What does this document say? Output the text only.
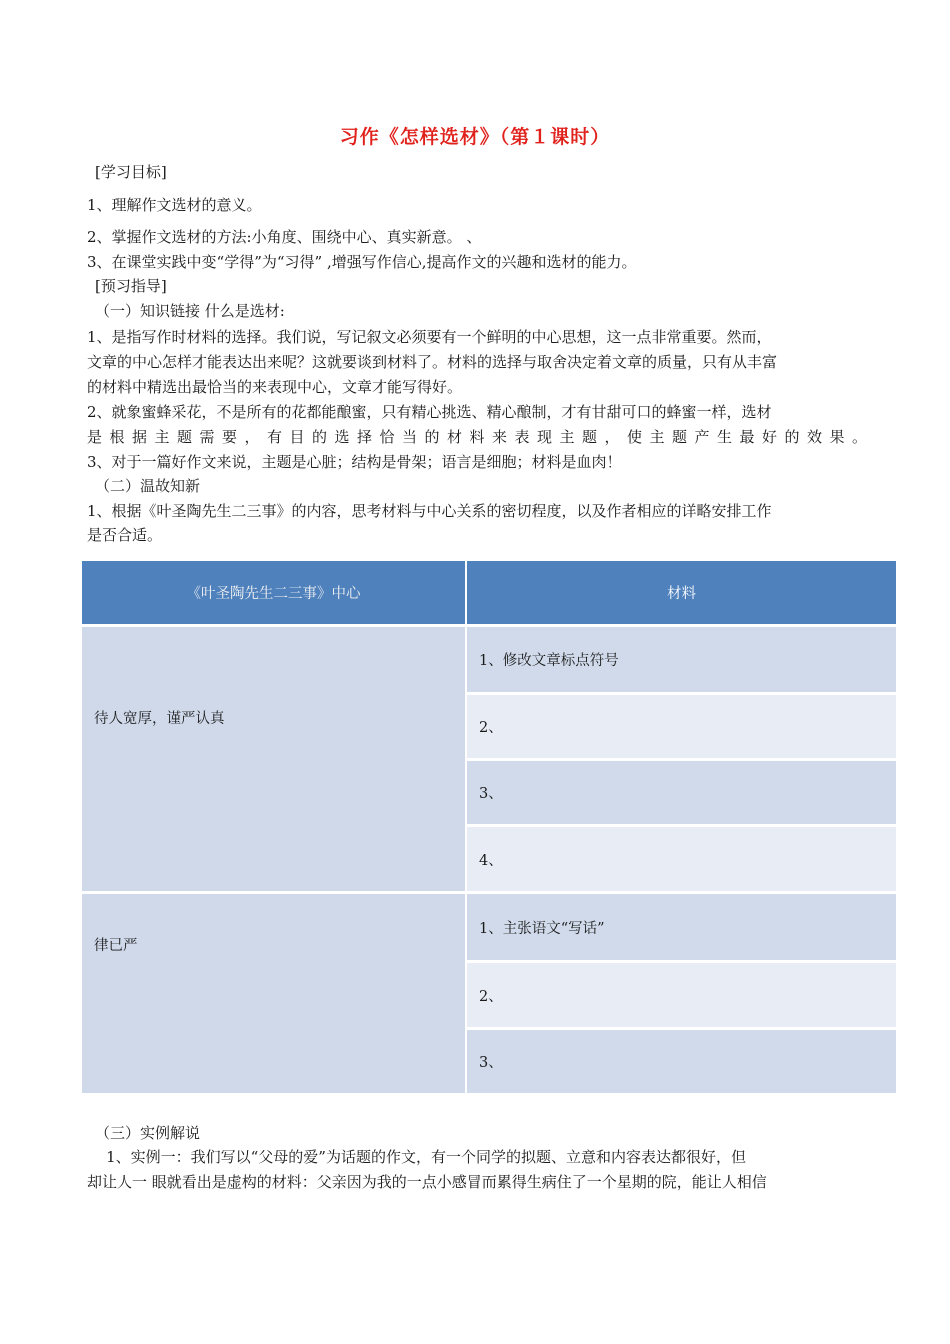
习作《怎样选材》（第１课时）
[学习目标]
1、理解作文选材的意义。
2、掌握作文选材的方法:小角度、围绕中心、真实新意。 、
3、在课堂实践中变“学得”为“习得” ,增强写作信心,提高作文的兴趣和选材的能力。
[预习指导]
（一）知识链接 什么是选材:
1、是指写作时材料的选择。我们说，写记叙文必须要有一个鲜明的中心思想，这一点非常重要。然而，
文章的中心怎样才能表达出来呢？这就要谈到材料了。材料的选择与取舍决定着文章的质量，只有从丰富
的材料中精选出最恰当的来表现中心，文章才能写得好。
2、就象蜜蜂采花，不是所有的花都能酿蜜，只有精心挑选、精心酿制，才有甘甜可口的蜂蜜一样，选材
是根据主题需要，有目的选择恰当的材料来表现主题，使主题产生最好的效果。
3、对于一篇好作文来说，主题是心脏；结构是骨架；语言是细胞；材料是血肉！
（二）温故知新
1、根据《叶圣陶先生二三事》的内容，思考材料与中心关系的密切程度，以及作者相应的详略安排工作
是否合适。
《叶圣陶先生二三事》中心	材料
待人宽厚，谨严认真	1、修改文章标点符号
	2、
	3、
	4、
律已严	1、主张语文“写话”
	2、
	3、
（三）实例解说
1、实例一：我们写以“父母的爱”为话题的作文，有一个同学的拟题、立意和内容表达都很好，但
却让人一 眼就看出是虚构的材料：父亲因为我的一点小感冒而累得生病住了一个星期的院，能让人相信
